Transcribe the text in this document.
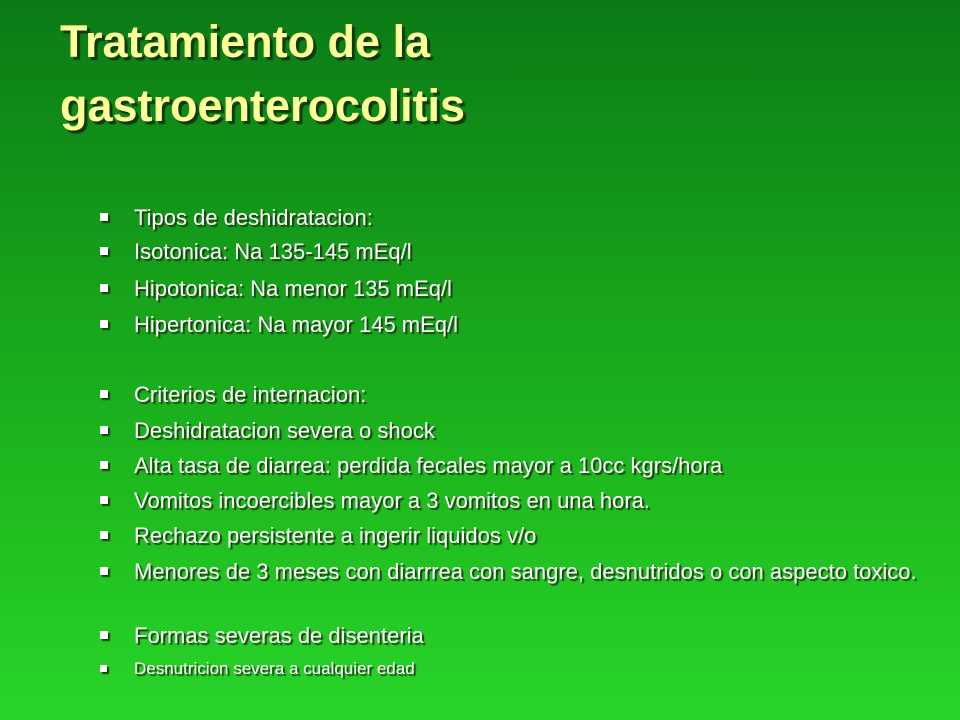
Tratamiento de la
gastroenterocolitis
Tipos de deshidratacion:
Isotonica: Na 135-145 mEq/l
Hipotonica: Na menor 135 mEq/l
Hipertonica: Na mayor 145 mEq/l
Criterios de internacion:
Deshidratacion severa o shock
Alta tasa de diarrea: perdida fecales mayor a 10cc kgrs/hora
Vomitos incoercibles mayor a 3 vomitos en una hora.
Rechazo persistente a ingerir liquidos v/o
Menores de 3 meses con diarrrea con sangre, desnutridos o con aspecto toxico.
Formas severas de disenteria
Desnutricion severa a cualquier edad
